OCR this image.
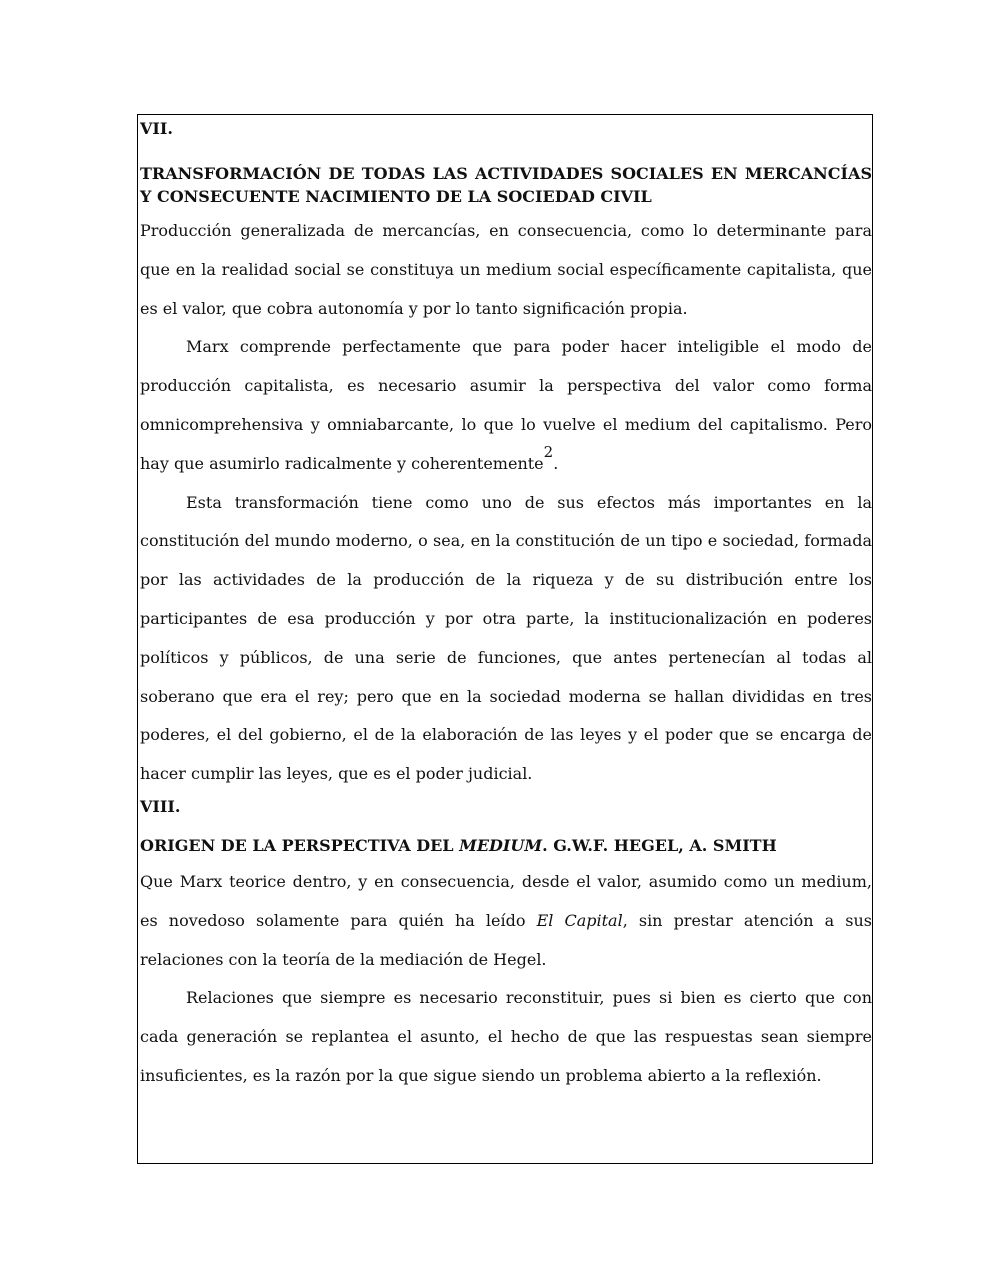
VII.
TRANSFORMACIÓN DE TODAS LAS ACTIVIDADES SOCIALES EN MERCANCÍAS Y CONSECUENTE NACIMIENTO DE LA SOCIEDAD CIVIL

Producción generalizada de mercancías, en consecuencia, como lo determinante para que en la realidad social se constituya un medium social específicamente capitalista, que es el valor, que cobra autonomía y por lo tanto significación propia.

Marx comprende perfectamente que para poder hacer inteligible el modo de producción capitalista, es necesario asumir la perspectiva del valor como forma omnicomprehensiva y omniabarcante, lo que lo vuelve el medium del capitalismo. Pero hay que asumirlo radicalmente y coherentemente2.

Esta transformación tiene como uno de sus efectos más importantes en la constitución del mundo moderno, o sea, en la constitución de un tipo e sociedad, formada por las actividades de la producción de la riqueza y de su distribución entre los participantes de esa producción y por otra parte, la institucionalización en poderes políticos y públicos, de una serie de funciones, que antes pertenecían al todas al soberano que era el rey; pero que en la sociedad moderna se hallan divididas en tres poderes, el del gobierno, el de la elaboración de las leyes y el poder que se encarga de hacer cumplir las leyes, que es el poder judicial.

VIII.
ORIGEN DE LA PERSPECTIVA DEL MEDIUM. G.W.F. HEGEL, A. SMITH

Que Marx teorice dentro, y en consecuencia, desde el valor, asumido como un medium, es novedoso solamente para quién ha leído El Capital, sin prestar atención a sus relaciones con la teoría de la mediación de Hegel.

Relaciones que siempre es necesario reconstituir, pues si bien es cierto que con cada generación se replantea el asunto, el hecho de que las respuestas sean siempre insuficientes, es la razón por la que sigue siendo un problema abierto a la reflexión.
